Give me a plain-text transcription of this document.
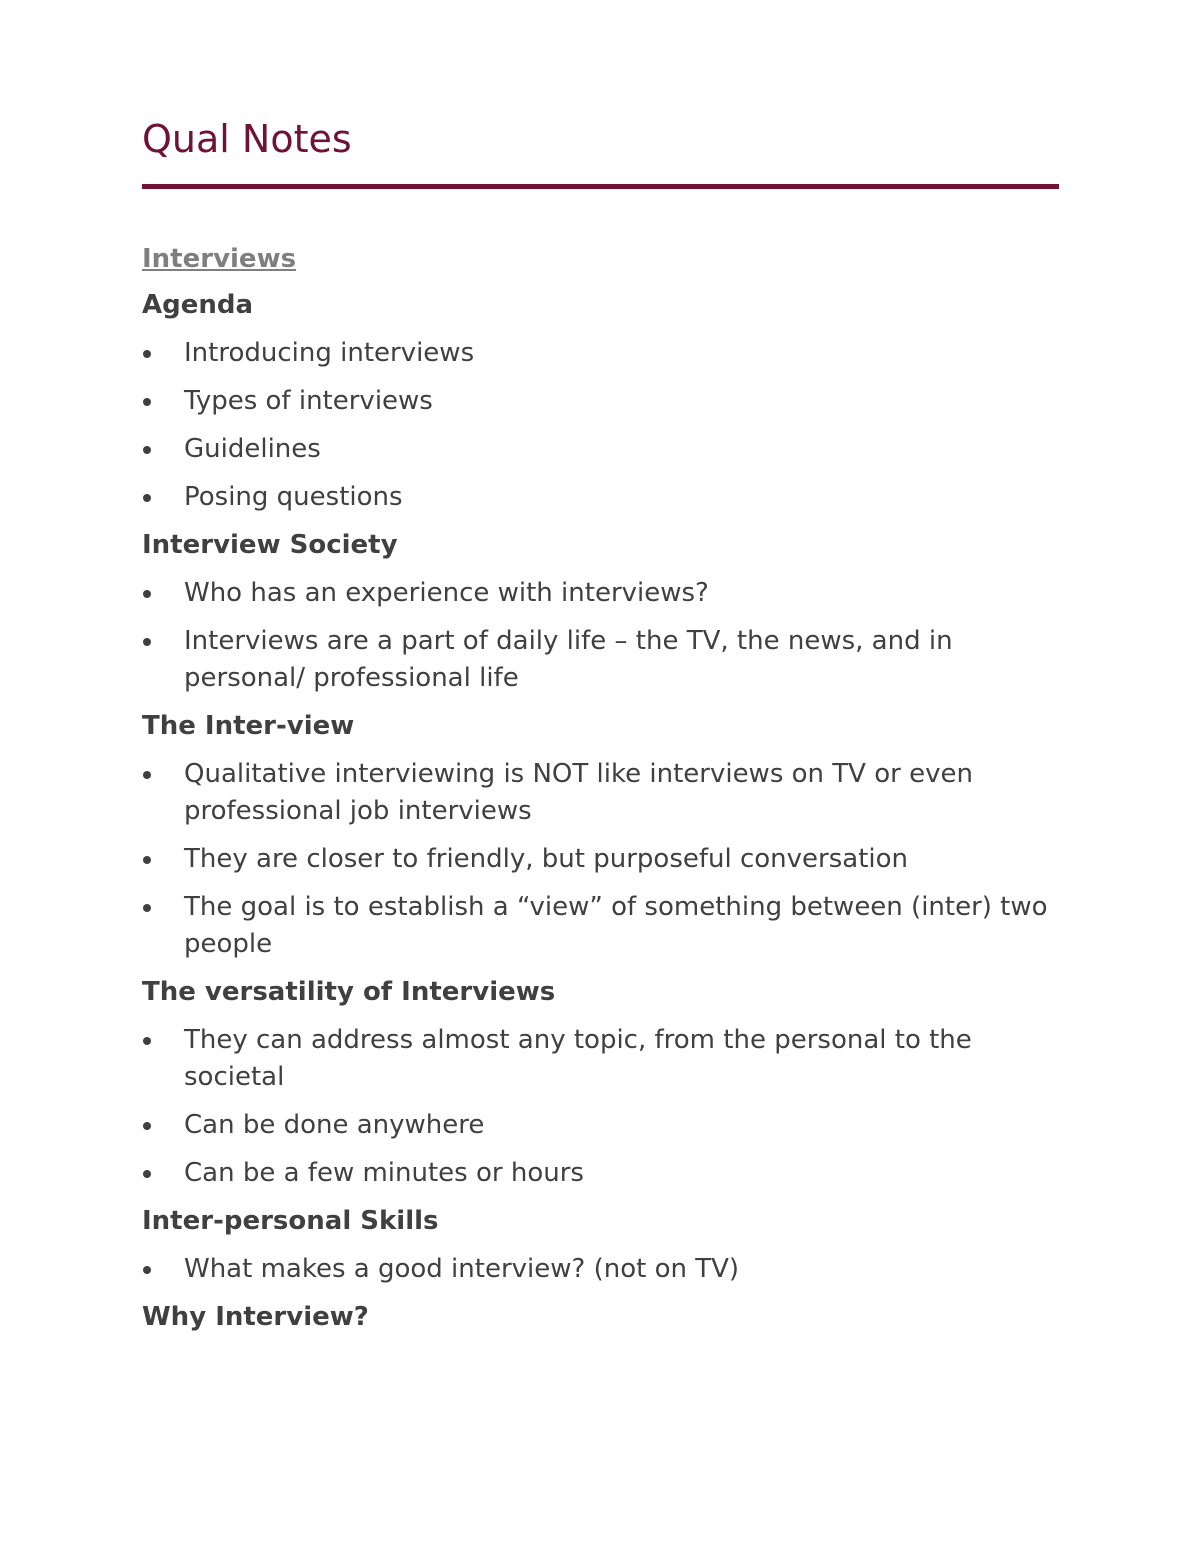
Qual Notes
Interviews
Agenda
Introducing interviews
Types of interviews
Guidelines
Posing questions
Interview Society
Who has an experience with interviews?
Interviews are a part of daily life – the TV, the news, and in personal/ professional life
The Inter-view
Qualitative interviewing is NOT like interviews on TV or even professional job interviews
They are closer to friendly, but purposeful conversation
The goal is to establish a “view” of something between (inter) two people
The versatility of Interviews
They can address almost any topic, from the personal to the societal
Can be done anywhere
Can be a few minutes or hours
Inter-personal Skills
What makes a good interview? (not on TV)
Why Interview?
